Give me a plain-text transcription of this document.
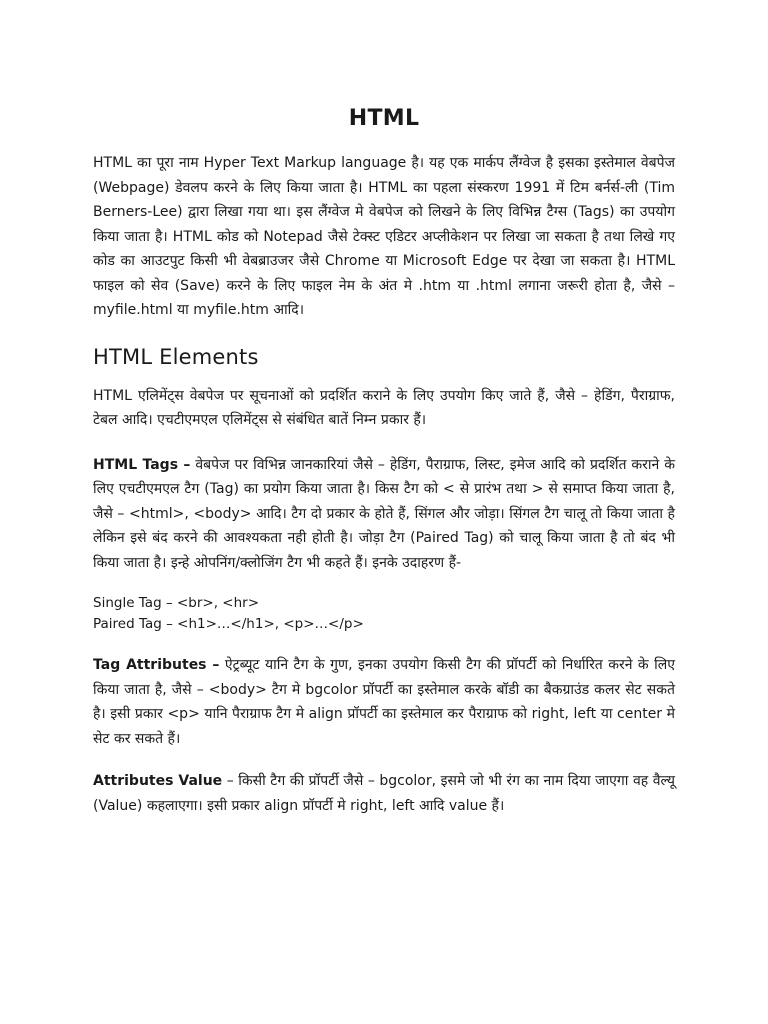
HTML

HTML का पूरा नाम Hyper Text Markup language है। यह एक मार्कप लैंग्वेज है इसका इस्तेमाल वेबपेज (Webpage) डेवलप करने के लिए किया जाता है। HTML का पहला संस्करण 1991 में टिम बर्नर्स-ली (Tim Berners-Lee) द्वारा लिखा गया था। इस लैंग्वेज मे वेबपेज को लिखने के लिए विभिन्न टैग्स (Tags) का उपयोग किया जाता है। HTML कोड को Notepad जैसे टेक्स्ट एडिटर अप्लीकेशन पर लिखा जा सकता है तथा लिखे गए कोड का आउटपुट किसी भी वेबब्राउजर जैसे Chrome या Microsoft Edge पर देखा जा सकता है। HTML फाइल को सेव (Save) करने के लिए फाइल नेम के अंत मे .htm या .html लगाना जरूरी होता है, जैसे – myfile.html या myfile.htm आदि।

HTML Elements

HTML एलिमेंट्स वेबपेज पर सूचनाओं को प्रदर्शित कराने के लिए उपयोग किए जाते हैं, जैसे – हेडिंग, पैराग्राफ, टेबल आदि। एचटीएमएल एलिमेंट्स से संबंधित बातें निम्न प्रकार हैं।

HTML Tags – वेबपेज पर विभिन्न जानकारियां जैसे – हेडिंग, पैराग्राफ, लिस्ट, इमेज आदि को प्रदर्शित कराने के लिए एचटीएमएल टैग (Tag) का प्रयोग किया जाता है। किस टैग को < से प्रारंभ तथा > से समाप्त किया जाता है, जैसे – <html>, <body> आदि। टैग दो प्रकार के होते हैं, सिंगल और जोड़ा। सिंगल टैग चालू तो किया जाता है लेकिन इसे बंद करने की आवश्यकता नही होती है। जोड़ा टैग (Paired Tag) को चालू किया जाता है तो बंद भी किया जाता है। इन्हे ओपनिंग/क्लोजिंग टैग भी कहते हैं। इनके उदाहरण हैं-

Single Tag – <br>, <hr>
Paired Tag – <h1>…</h1>, <p>…</p>

Tag Attributes – ऐट्रब्यूट यानि टैग के गुण, इनका उपयोग किसी टैग की प्रॉपर्टी को निर्धारित करने के लिए किया जाता है, जैसे – <body> टैग मे bgcolor प्रॉपर्टी का इस्तेमाल करके बॉडी का बैकग्राउंड कलर सेट सकते है। इसी प्रकार <p> यानि पैराग्राफ टैग मे align प्रॉपर्टी का इस्तेमाल कर पैराग्राफ को right, left या center मे सेट कर सकते हैं।

Attributes Value – किसी टैग की प्रॉपर्टी जैसे – bgcolor, इसमे जो भी रंग का नाम दिया जाएगा वह वैल्यू (Value) कहलाएगा। इसी प्रकार align प्रॉपर्टी मे right, left आदि value हैं।
